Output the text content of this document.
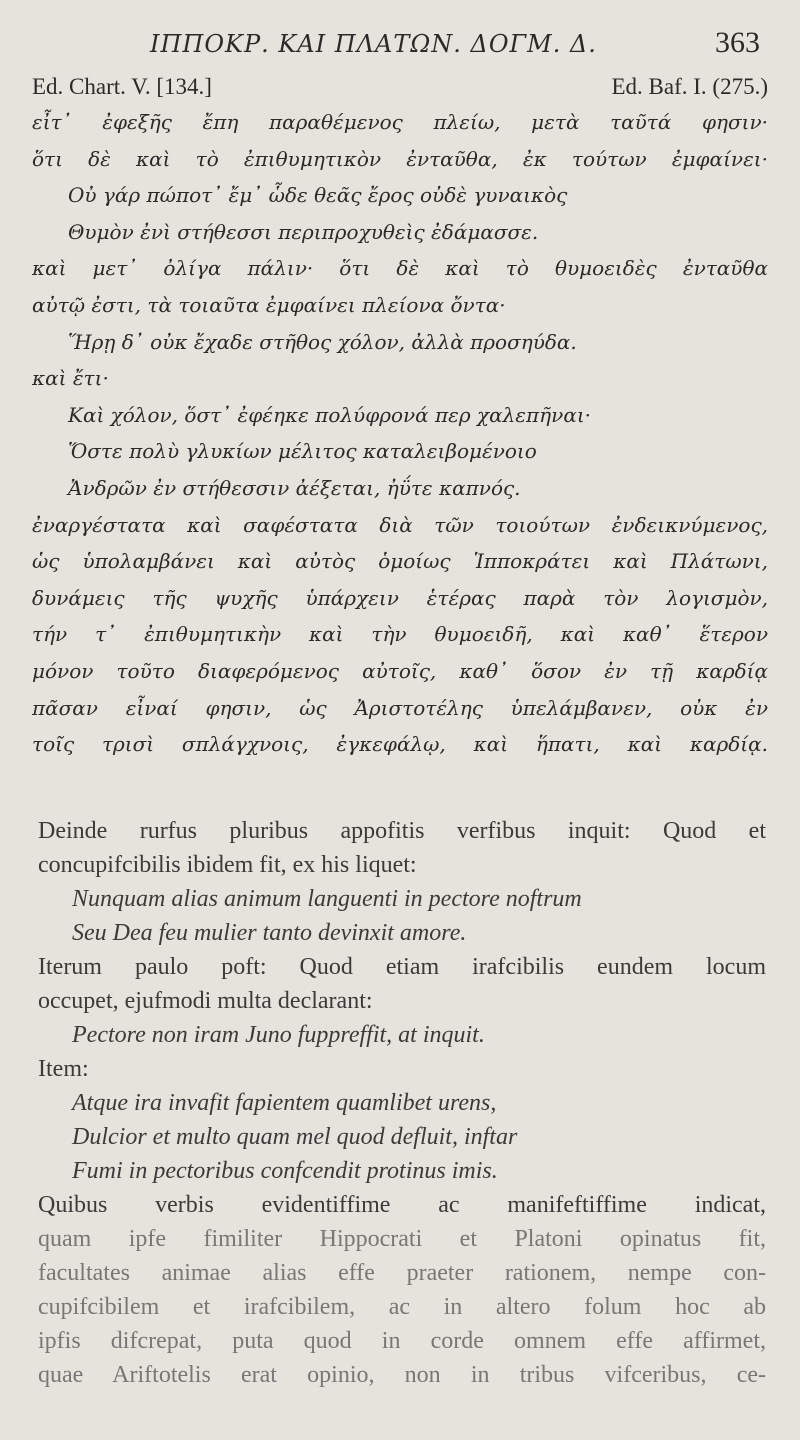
ΙΠΠΟΚΡ. ΚΑΙ ΠΛΑΤΩΝ. ΔΟΓΜ. Δ.	363
Ed. Chart. V. [134.]	Ed. Baf. I. (275.)
εἶτ᾽ ἐφεξῆς ἔπη παραθέμενος πλείω, μετὰ ταῦτά φησιν·
ὅτι δὲ καὶ τὸ ἐπιθυμητικὸν ἐνταῦθα, ἐκ τούτων ἐμφαίνει·
Οὐ γάρ πώποτ᾽ ἔμ᾽ ὧδε θεᾶς ἔρος οὐδὲ γυναικὸς
Θυμὸν ἐνὶ στήθεσσι περιπροχυθεὶς ἐδάμασσε.
καὶ μετ᾽ ὀλίγα πάλιν· ὅτι δὲ καὶ τὸ θυμοειδὲς ἐνταῦθα
αὐτῷ ἐστι, τὰ τοιαῦτα ἐμφαίνει πλείονα ὄντα·
Ἥρῃ δ᾽ οὐκ ἔχαδε στῆθος χόλον, ἀλλὰ προσηύδα.
καὶ ἔτι·
Καὶ χόλον, ὅστ᾽ ἐφέηκε πολύφρονά περ χαλεπῆναι·
Ὅστε πολὺ γλυκίων μέλιτος καταλειβομένοιο
Ἀνδρῶν ἐν στήθεσσιν ἀέξεται, ἠΰτε καπνός.
ἐναργέστατα καὶ σαφέστατα διὰ τῶν τοιούτων ἐνδεικνύμενος,
ὡς ὑπολαμβάνει καὶ αὐτὸς ὁμοίως Ἱπποκράτει καὶ Πλάτωνι,
δυνάμεις τῆς ψυχῆς ὑπάρχειν ἑτέρας παρὰ τὸν λογισμὸν,
τήν τ᾽ ἐπιθυμητικὴν καὶ τὴν θυμοειδῆ, καὶ καθ᾽ ἕτερον
μόνον τοῦτο διαφερόμενος αὐτοῖς, καθ᾽ ὅσον ἐν τῇ καρδίᾳ
πᾶσαν εἶναί φησιν, ὡς Ἀριστοτέλης ὑπελάμβανεν, οὐκ ἐν
τοῖς τρισὶ σπλάγχνοις, ἐγκεφάλῳ, καὶ ἥπατι, καὶ καρδίᾳ.
Deinde rurfus pluribus appofitis verfibus inquit: Quod et
concupifcibilis ibidem fit, ex his liquet:
Nunquam alias animum languenti in pectore noftrum
Seu Dea feu mulier tanto devinxit amore.
Iterum paulo poft: Quod etiam irafcibilis eundem locum
occupet, ejufmodi multa declarant:
Pectore non iram Juno fuppreffit, at inquit.
Item:
Atque ira invafit fapientem quamlibet urens,
Dulcior et multo quam mel quod defluit, inftar
Fumi in pectoribus confcendit protinus imis.
Quibus verbis evidentiffime ac manifeftiffime indicat,
quam ipfe fimiliter Hippocrati et Platoni opinatus fit,
facultates animae alias effe praeter rationem, nempe con-
cupifcibilem et irafcibilem, ac in altero folum hoc ab
ipfis difcrepat, puta quod in corde omnem effe affirmet,
quae Ariftotelis erat opinio, non in tribus vifceribus, ce-
